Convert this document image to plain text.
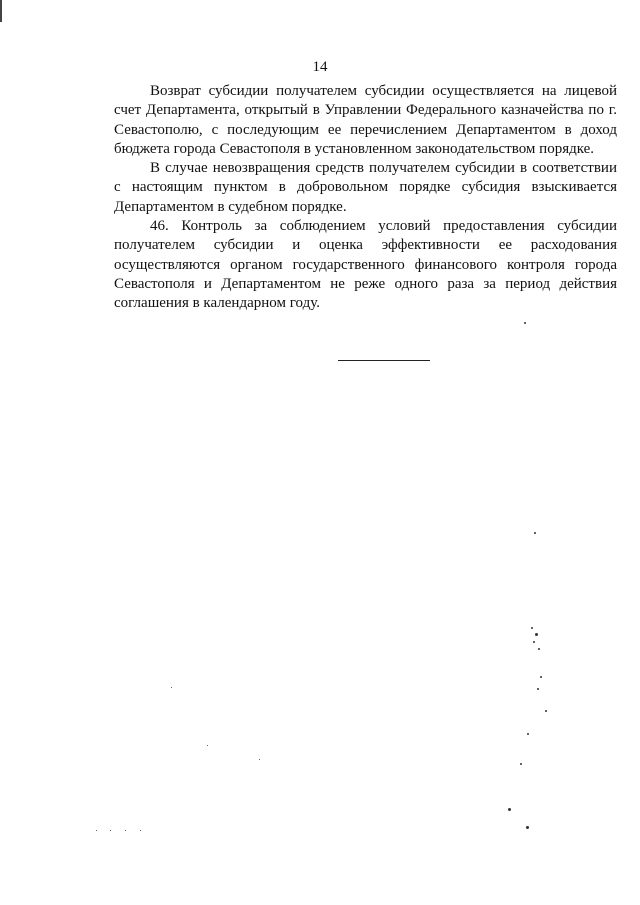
14

Возврат субсидии получателем субсидии осуществляется на лицевой счет Департамента, открытый в Управлении Федерального казначейства по г. Севастополю, с последующим ее перечислением Департаментом в доход бюджета города Севастополя в установленном законодательством порядке.

В случае невозвращения средств получателем субсидии в соответствии с настоящим пунктом в добровольном порядке субсидия взыскивается Департаментом в судебном порядке.

46. Контроль за соблюдением условий предоставления субсидии получателем субсидии и оценка эффективности ее расходования осуществляются органом государственного финансового контроля города Севастополя и Департаментом не реже одного раза за период действия соглашения в календарном году.
